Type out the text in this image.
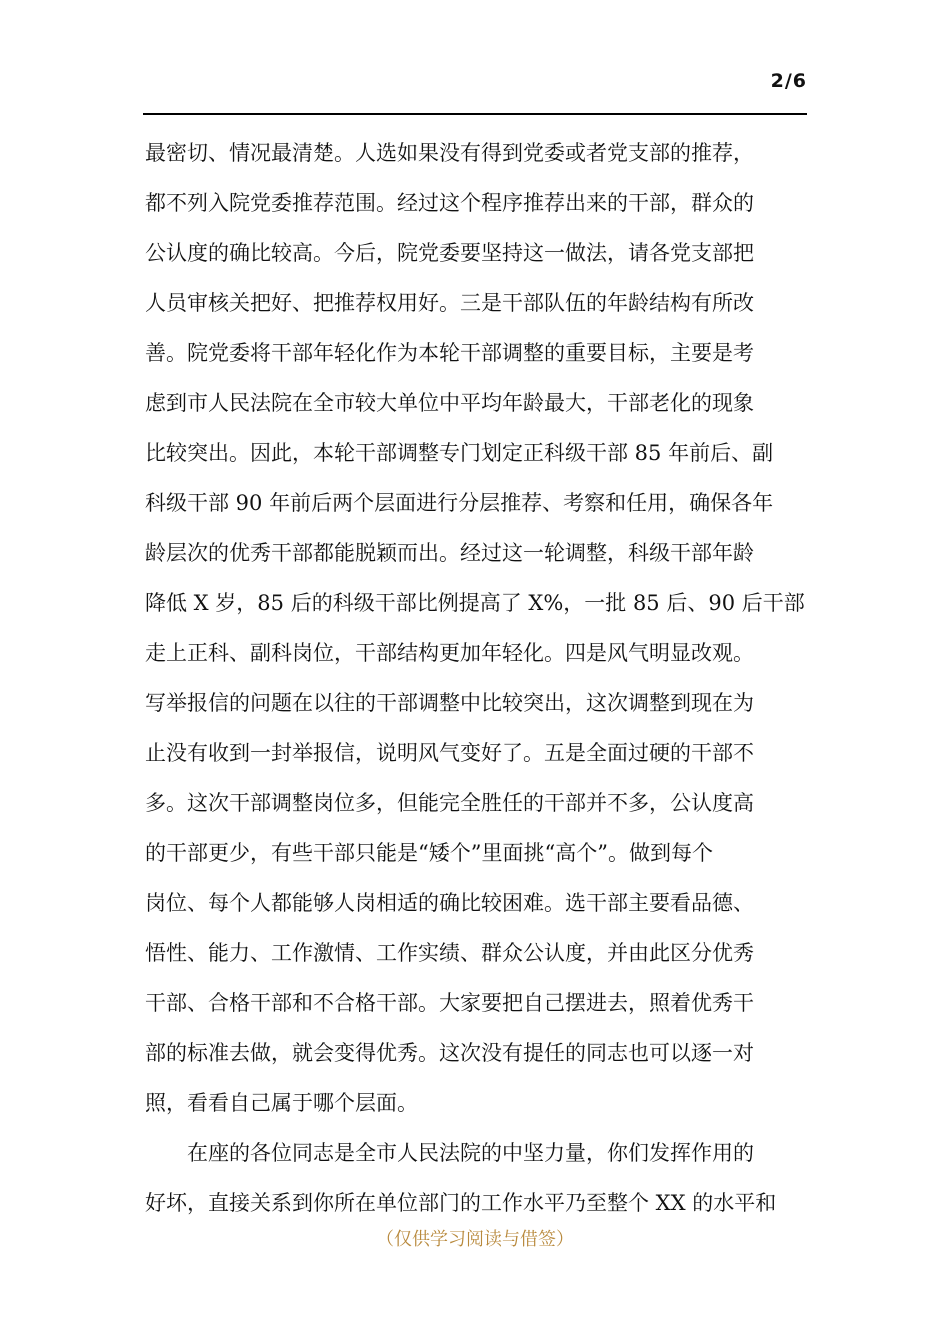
2/6
最密切、情况最清楚。人选如果没有得到党委或者党支部的推荐，
都不列入院党委推荐范围。经过这个程序推荐出来的干部，群众的
公认度的确比较高。今后，院党委要坚持这一做法，请各党支部把
人员审核关把好、把推荐权用好。三是干部队伍的年龄结构有所改
善。院党委将干部年轻化作为本轮干部调整的重要目标，主要是考
虑到市人民法院在全市较大单位中平均年龄最大，干部老化的现象
比较突出。因此，本轮干部调整专门划定正科级干部 85 年前后、副
科级干部 90 年前后两个层面进行分层推荐、考察和任用，确保各年
龄层次的优秀干部都能脱颖而出。经过这一轮调整，科级干部年龄
降低 X 岁，85 后的科级干部比例提高了 X%，一批 85 后、90 后干部
走上正科、副科岗位，干部结构更加年轻化。四是风气明显改观。
写举报信的问题在以往的干部调整中比较突出，这次调整到现在为
止没有收到一封举报信，说明风气变好了。五是全面过硬的干部不
多。这次干部调整岗位多，但能完全胜任的干部并不多，公认度高
的干部更少，有些干部只能是“矮个”里面挑“高个”。做到每个
岗位、每个人都能够人岗相适的确比较困难。选干部主要看品德、
悟性、能力、工作激情、工作实绩、群众公认度，并由此区分优秀
干部、合格干部和不合格干部。大家要把自己摆进去，照着优秀干
部的标准去做，就会变得优秀。这次没有提任的同志也可以逐一对
照，看看自己属于哪个层面。
　　在座的各位同志是全市人民法院的中坚力量，你们发挥作用的
好坏，直接关系到你所在单位部门的工作水平乃至整个 XX 的水平和
（仅供学习阅读与借签）
